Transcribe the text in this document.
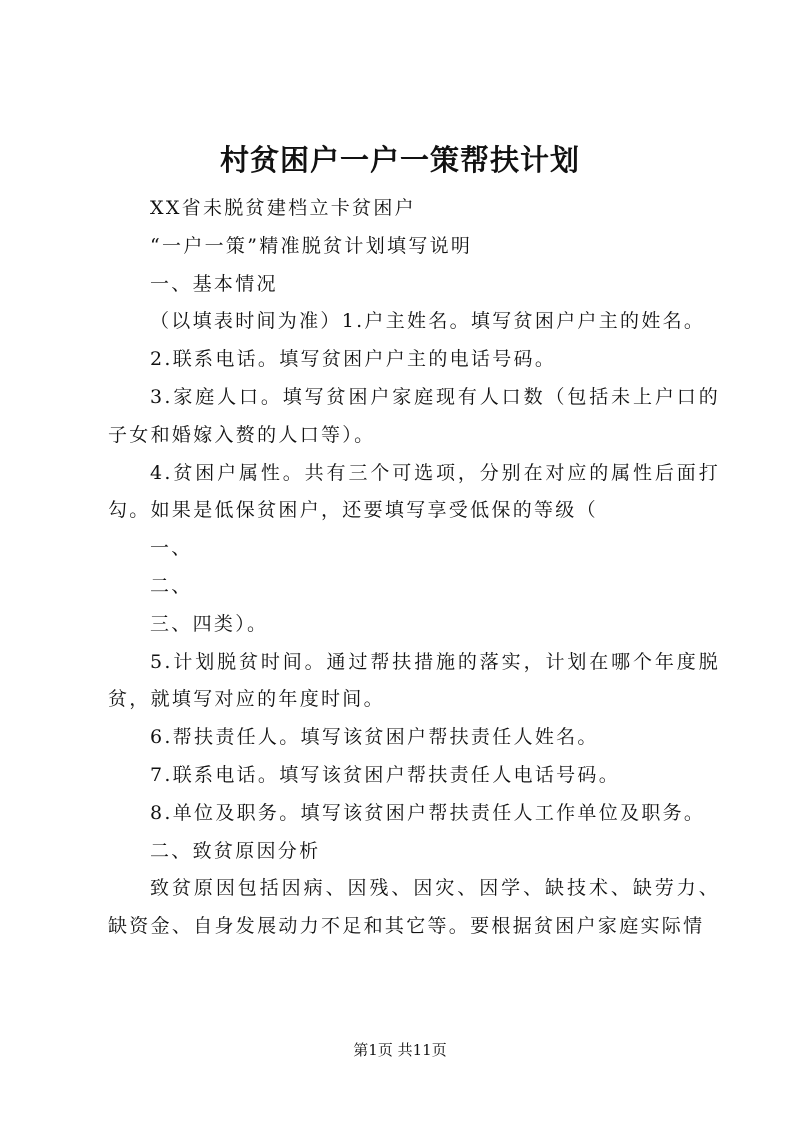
村贫困户一户一策帮扶计划

XX省未脱贫建档立卡贫困户

“一户一策”精准脱贫计划填写说明

一、基本情况

（以填表时间为准）1.户主姓名。填写贫困户户主的姓名。

2.联系电话。填写贫困户户主的电话号码。

3.家庭人口。填写贫困户家庭现有人口数（包括未上户口的子女和婚嫁入赘的人口等）。

4.贫困户属性。共有三个可选项，分别在对应的属性后面打勾。如果是低保贫困户，还要填写享受低保的等级（

一、

二、

三、四类）。

5.计划脱贫时间。通过帮扶措施的落实，计划在哪个年度脱贫，就填写对应的年度时间。

6.帮扶责任人。填写该贫困户帮扶责任人姓名。

7.联系电话。填写该贫困户帮扶责任人电话号码。

8.单位及职务。填写该贫困户帮扶责任人工作单位及职务。

二、致贫原因分析

致贫原因包括因病、因残、因灾、因学、缺技术、缺劳力、缺资金、自身发展动力不足和其它等。要根据贫困户家庭实际情

第1页 共11页
